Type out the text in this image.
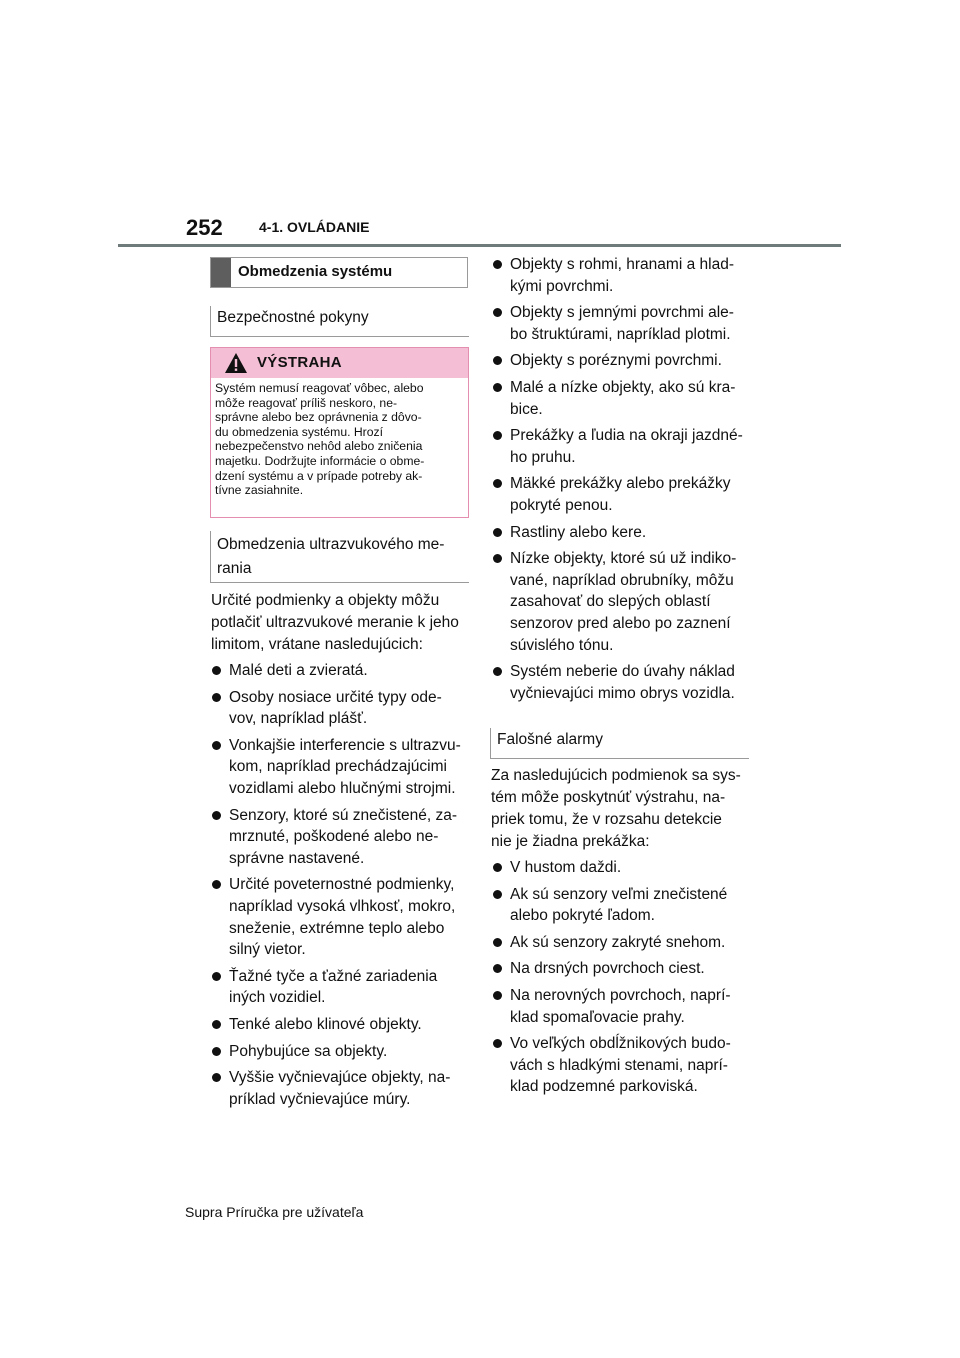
252	4-1. OVLÁDANIE
Obmedzenia systému
Bezpečnostné pokyny
VÝSTRAHA
Systém nemusí reagovať vôbec, alebo
môže reagovať príliš neskoro, ne-
správne alebo bez oprávnenia z dôvo-
du obmedzenia systému. Hrozí
nebezpečenstvo nehôd alebo zničenia
majetku. Dodržujte informácie o obme-
dzení systému a v prípade potreby ak-
tívne zasiahnite.
Obmedzenia ultrazvukového me-
rania
Určité podmienky a objekty môžu
potlačiť ultrazvukové meranie k jeho
limitom, vrátane nasledujúcich:
Malé deti a zvieratá.
Osoby nosiace určité typy ode-
vov, napríklad plášť.
Vonkajšie interferencie s ultrazvu-
kom, napríklad prechádzajúcimi
vozidlami alebo hlučnými strojmi.
Senzory, ktoré sú znečistené, za-
mrznuté, poškodené alebo ne-
správne nastavené.
Určité poveternostné podmienky,
napríklad vysoká vlhkosť, mokro,
sneženie, extrémne teplo alebo
silný vietor.
Ťažné tyče a ťažné zariadenia
iných vozidiel.
Tenké alebo klinové objekty.
Pohybujúce sa objekty.
Vyššie vyčnievajúce objekty, na-
príklad vyčnievajúce múry.
Objekty s rohmi, hranami a hlad-
kými povrchmi.
Objekty s jemnými povrchmi ale-
bo štruktúrami, napríklad plotmi.
Objekty s poréznymi povrchmi.
Malé a nízke objekty, ako sú kra-
bice.
Prekážky a ľudia na okraji jazdné-
ho pruhu.
Mäkké prekážky alebo prekážky
pokryté penou.
Rastliny alebo kere.
Nízke objekty, ktoré sú už indiko-
vané, napríklad obrubníky, môžu
zasahovať do slepých oblastí
senzorov pred alebo po zaznení
súvislého tónu.
Systém neberie do úvahy náklad
vyčnievajúci mimo obrys vozidla.
Falošné alarmy
Za nasledujúcich podmienok sa sys-
tém môže poskytnúť výstrahu, na-
priek tomu, že v rozsahu detekcie
nie je žiadna prekážka:
V hustom daždi.
Ak sú senzory veľmi znečistené
alebo pokryté ľadom.
Ak sú senzory zakryté snehom.
Na drsných povrchoch ciest.
Na nerovných povrchoch, naprí-
klad spomaľovacie prahy.
Vo veľkých obdĺžnikových budo-
vách s hladkými stenami, naprí-
klad podzemné parkoviská.
Supra Príručka pre užívateľa
